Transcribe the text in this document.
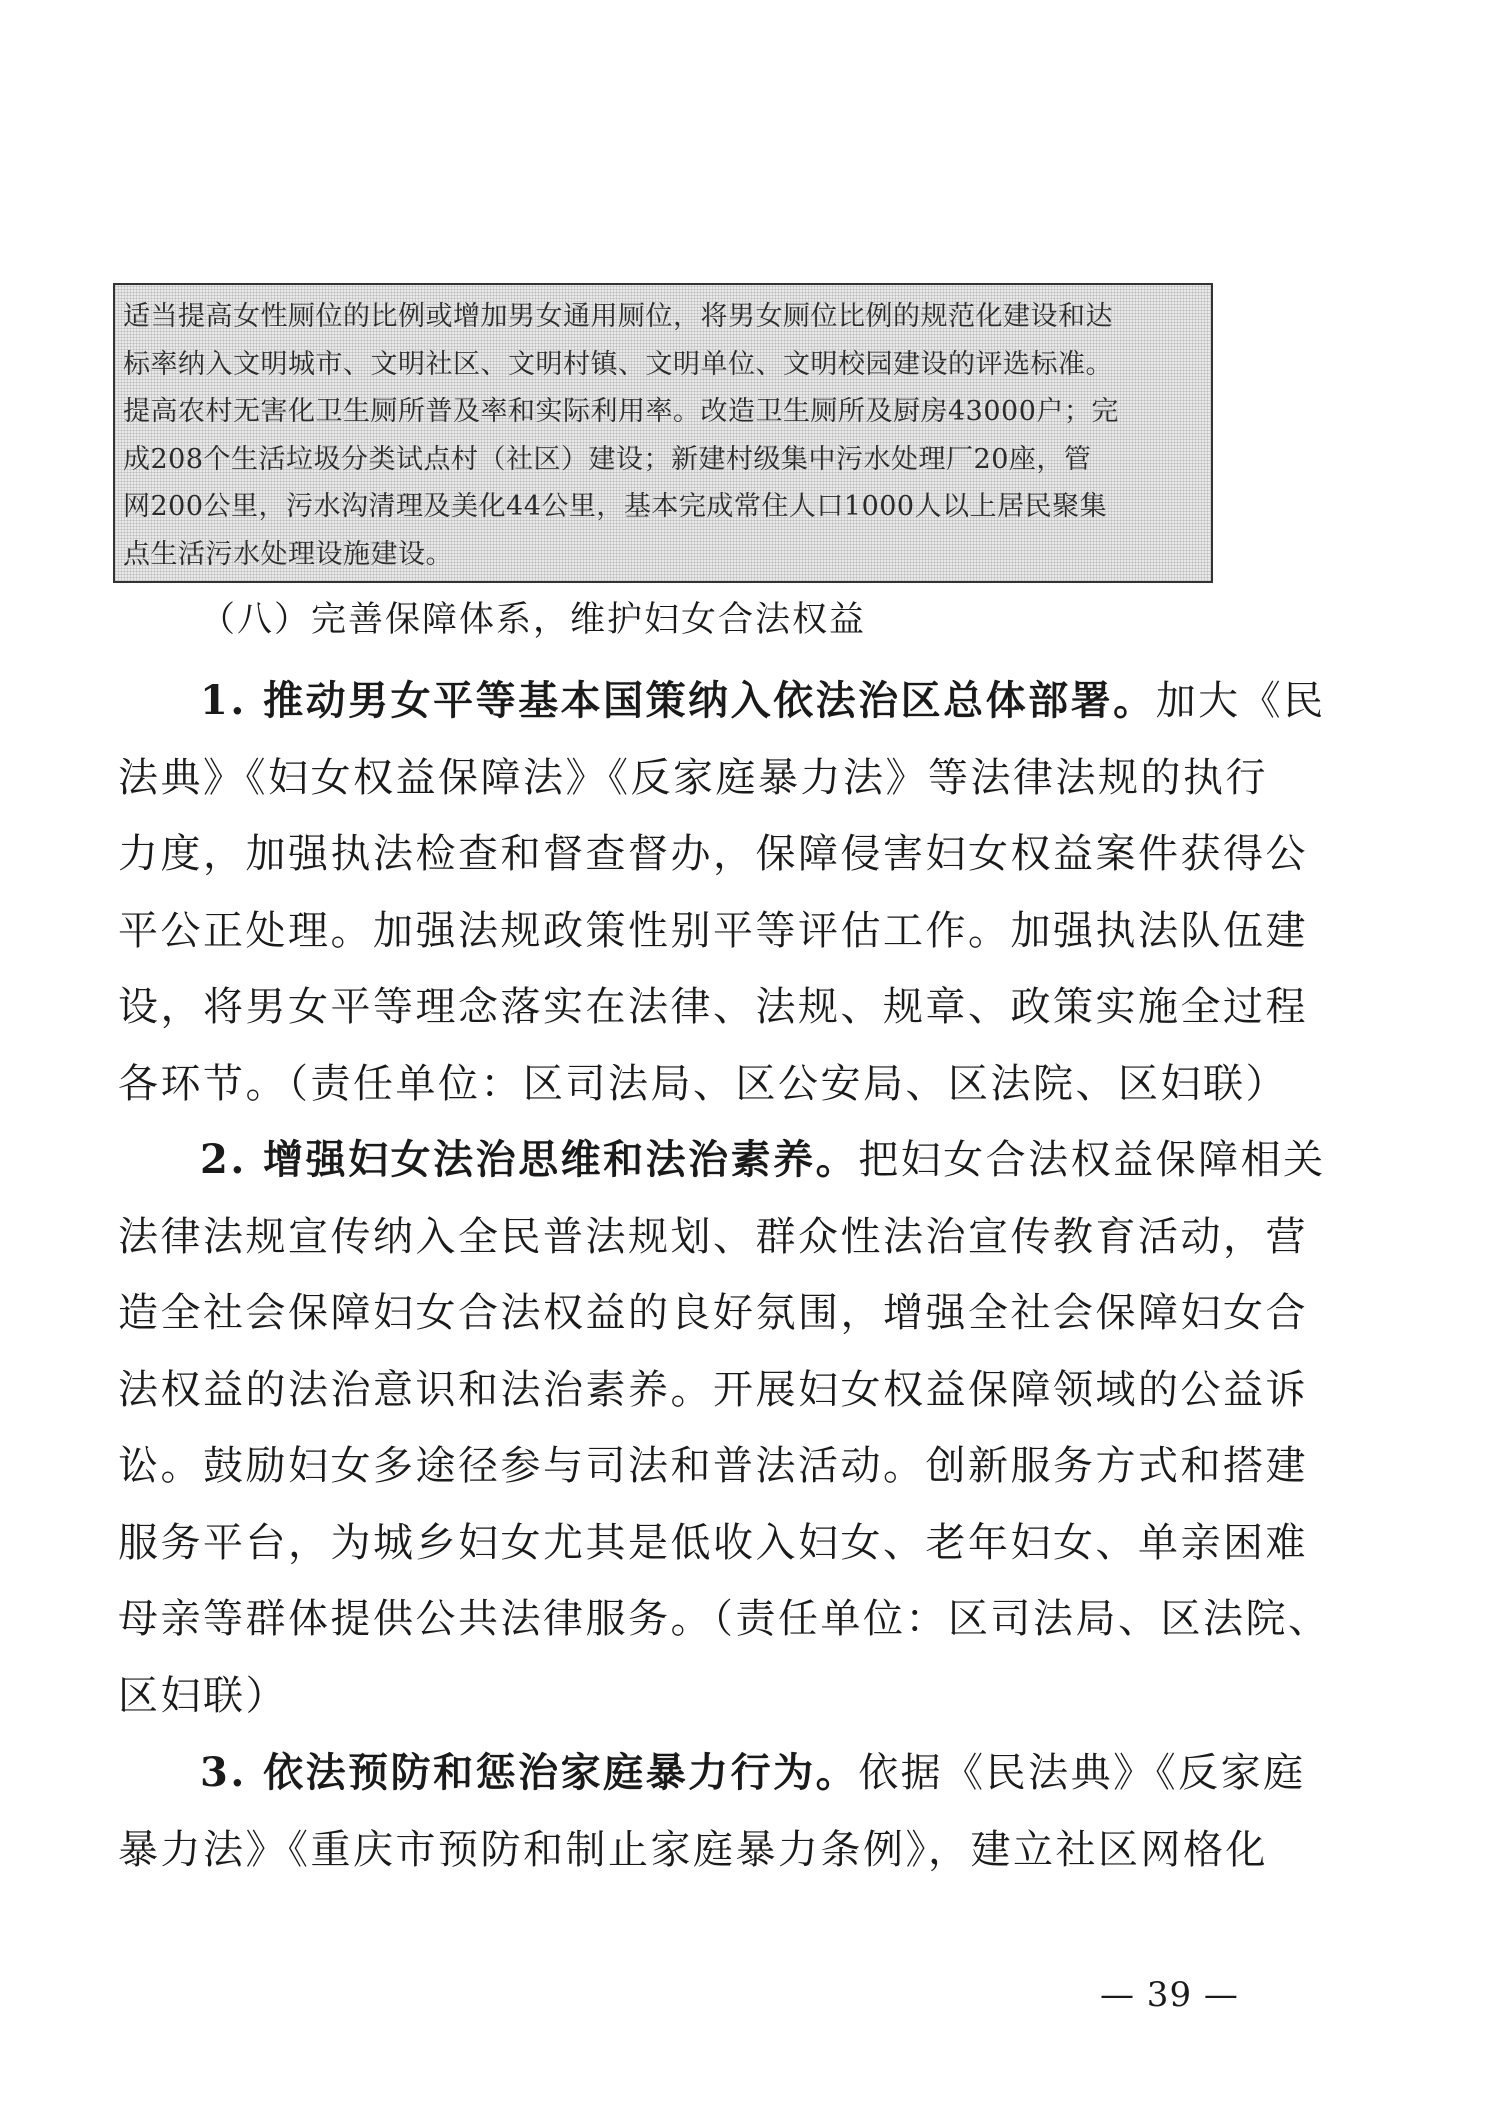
适当提高女性厕位的比例或增加男女通用厕位，将男女厕位比例的规范化建设和达
标率纳入文明城市、文明社区、文明村镇、文明单位、文明校园建设的评选标准。
提高农村无害化卫生厕所普及率和实际利用率。改造卫生厕所及厨房43000户；完
成208个生活垃圾分类试点村（社区）建设；新建村级集中污水处理厂20座，管
网200公里，污水沟清理及美化44公里，基本完成常住人口1000人以上居民聚集
点生活污水处理设施建设。
（八）完善保障体系，维护妇女合法权益
1. 推动男女平等基本国策纳入依法治区总体部署。加大《民
法典》《妇女权益保障法》《反家庭暴力法》等法律法规的执行
力度，加强执法检查和督查督办，保障侵害妇女权益案件获得公
平公正处理。加强法规政策性别平等评估工作。加强执法队伍建
设，将男女平等理念落实在法律、法规、规章、政策实施全过程
各环节。（责任单位：区司法局、区公安局、区法院、区妇联）
2. 增强妇女法治思维和法治素养。把妇女合法权益保障相关
法律法规宣传纳入全民普法规划、群众性法治宣传教育活动，营
造全社会保障妇女合法权益的良好氛围，增强全社会保障妇女合
法权益的法治意识和法治素养。开展妇女权益保障领域的公益诉
讼。鼓励妇女多途径参与司法和普法活动。创新服务方式和搭建
服务平台，为城乡妇女尤其是低收入妇女、老年妇女、单亲困难
母亲等群体提供公共法律服务。（责任单位：区司法局、区法院、
区妇联）
3. 依法预防和惩治家庭暴力行为。依据《民法典》《反家庭
暴力法》《重庆市预防和制止家庭暴力条例》，建立社区网格化
— 39 —
